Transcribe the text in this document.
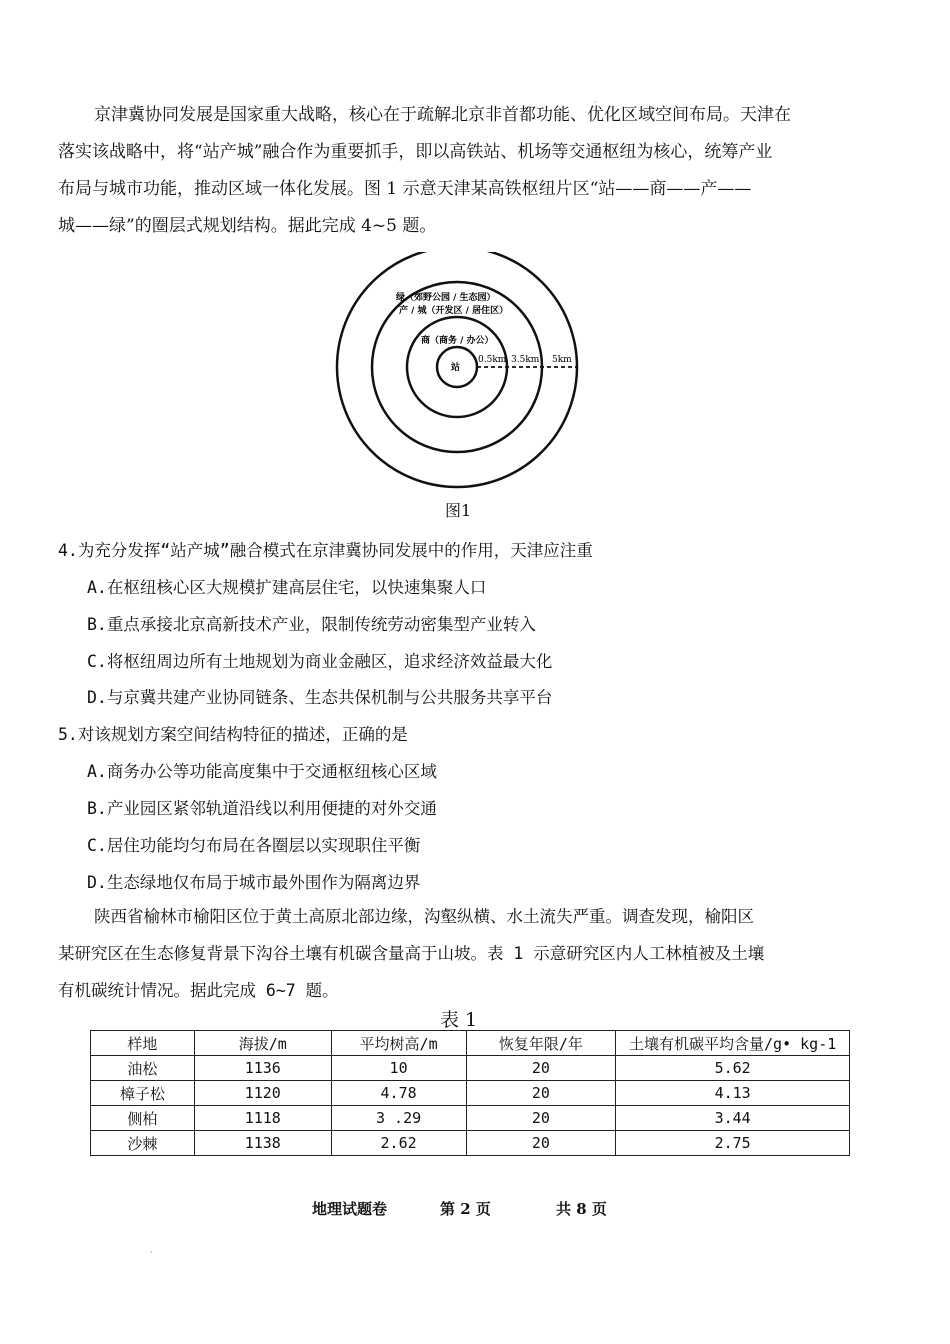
京津冀协同发展是国家重大战略，核心在于疏解北京非首都功能、优化区域空间布局。天津在
落实该战略中，将“站产城”融合作为重要抓手，即以高铁站、机场等交通枢纽为核心，统筹产业
布局与城市功能，推动区域一体化发展。图 1 示意天津某高铁枢纽片区“站——商——产——
城——绿”的圈层式规划结构。据此完成 4~5 题。
绿（郊野公园 / 生态园）
产 / 城（开发区 / 居住区）
商（商务 / 办公）
站
0.5km 3.5km 5km
图1
4.为充分发挥“站产城”融合模式在京津冀协同发展中的作用，天津应注重
A.在枢纽核心区大规模扩建高层住宅，以快速集聚人口
B.重点承接北京高新技术产业，限制传统劳动密集型产业转入
C.将枢纽周边所有土地规划为商业金融区，追求经济效益最大化
D.与京冀共建产业协同链条、生态共保机制与公共服务共享平台
5.对该规划方案空间结构特征的描述，正确的是
A.商务办公等功能高度集中于交通枢纽核心区域
B.产业园区紧邻轨道沿线以利用便捷的对外交通
C.居住功能均匀布局在各圈层以实现职住平衡
D.生态绿地仅布局于城市最外围作为隔离边界
陕西省榆林市榆阳区位于黄土高原北部边缘，沟壑纵横、水土流失严重。调查发现，榆阳区
某研究区在生态修复背景下沟谷土壤有机碳含量高于山坡。表 1 示意研究区内人工林植被及土壤
有机碳统计情况。据此完成 6~7 题。
表 1
样地	海拔/m	平均树高/m	恢复年限/年	土壤有机碳平均含量/g• kg-1
油松	1136	10	20	5.62
樟子松	1120	4.78	20	4.13
侧柏	1118	3 .29	20	3.44
沙棘	1138	2.62	20	2.75
地理试题卷	第 2 页	共 8 页
·
·
